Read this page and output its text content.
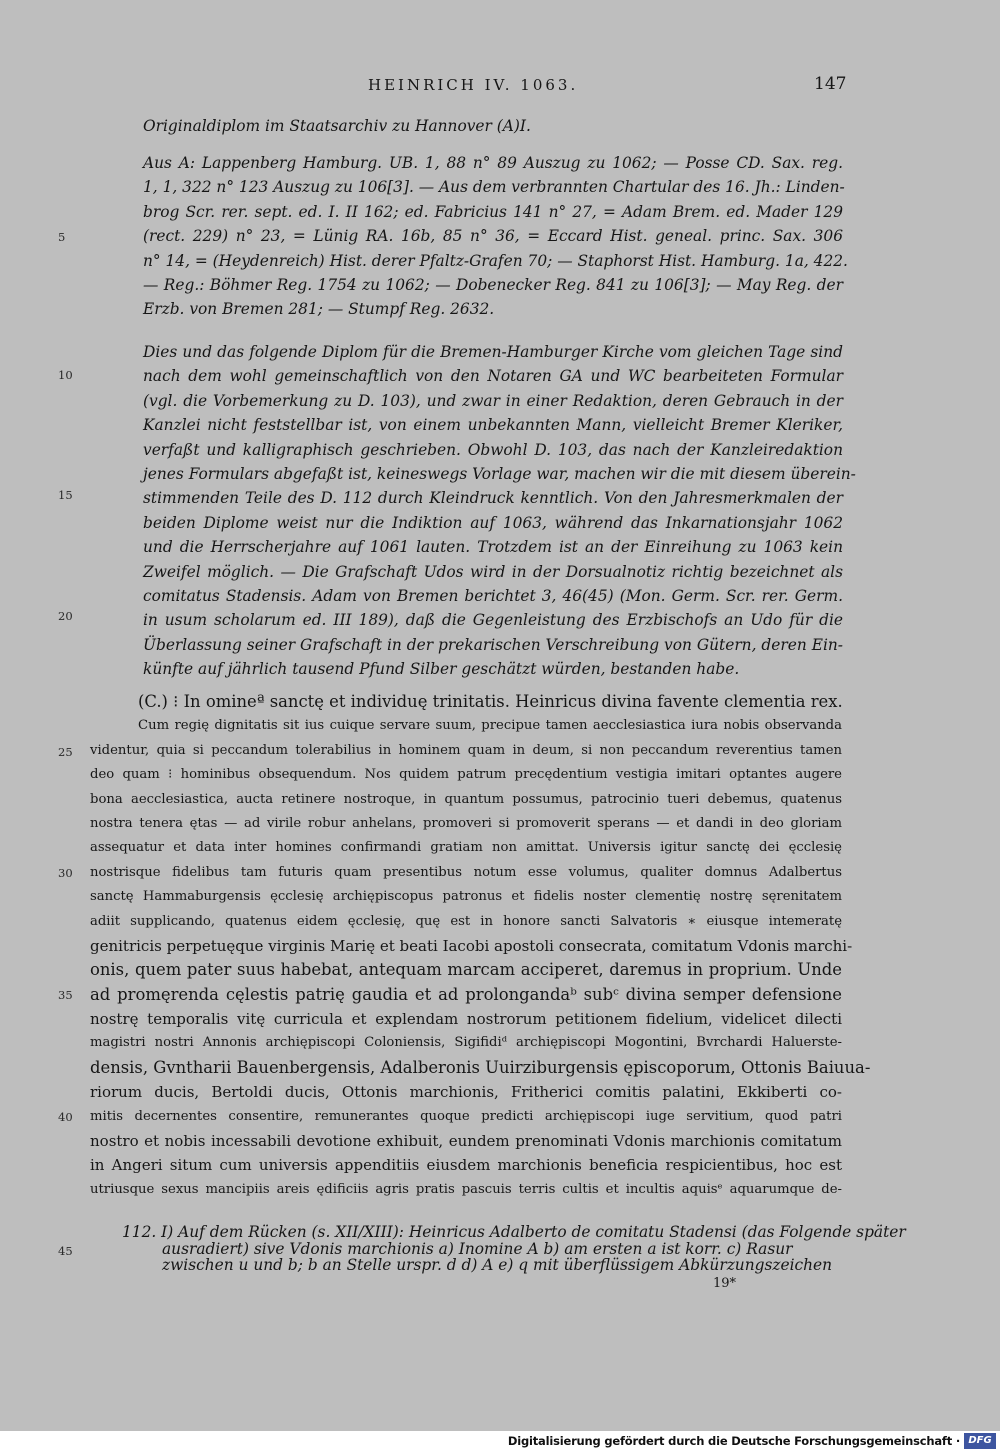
HEINRICH IV. 1063.	147
Originaldiplom im Staatsarchiv zu Hannover (A)I.
Aus A: Lappenberg Hamburg. UB. 1, 88 n° 89 Auszug zu 1062; — Posse CD. Sax. reg.
1, 1, 322 n° 123 Auszug zu 106[3]. — Aus dem verbrannten Chartular des 16. Jh.: Linden-
brog Scr. rer. sept. ed. I. II 162; ed. Fabricius 141 n° 27, = Adam Brem. ed. Mader 129
(rect. 229) n° 23, = Lünig RA. 16b, 85 n° 36, = Eccard Hist. geneal. princ. Sax. 306
n° 14, = (Heydenreich) Hist. derer Pfaltz-Grafen 70; — Staphorst Hist. Hamburg. 1a, 422.
— Reg.: Böhmer Reg. 1754 zu 1062; — Dobenecker Reg. 841 zu 106[3]; — May Reg. der
Erzb. von Bremen 281; — Stumpf Reg. 2632.
Dies und das folgende Diplom für die Bremen-Hamburger Kirche vom gleichen Tage sind
nach dem wohl gemeinschaftlich von den Notaren GA und WC bearbeiteten Formular
(vgl. die Vorbemerkung zu D. 103), und zwar in einer Redaktion, deren Gebrauch in der
Kanzlei nicht feststellbar ist, von einem unbekannten Mann, vielleicht Bremer Kleriker,
verfaßt und kalligraphisch geschrieben. Obwohl D. 103, das nach der Kanzleiredaktion
jenes Formulars abgefaßt ist, keineswegs Vorlage war, machen wir die mit diesem überein-
stimmenden Teile des D. 112 durch Kleindruck kenntlich. Von den Jahresmerkmalen der
beiden Diplome weist nur die Indiktion auf 1063, während das Inkarnationsjahr 1062
und die Herrscherjahre auf 1061 lauten. Trotzdem ist an der Einreihung zu 1063 kein
Zweifel möglich. — Die Grafschaft Udos wird in der Dorsualnotiz richtig bezeichnet als
comitatus Stadensis. Adam von Bremen berichtet 3, 46(45) (Mon. Germ. Scr. rer. Germ.
in usum scholarum ed. III 189), daß die Gegenleistung des Erzbischofs an Udo für die
Überlassung seiner Grafschaft in der prekarischen Verschreibung von Gütern, deren Ein-
künfte auf jährlich tausend Pfund Silber geschätzt würden, bestanden habe.
(C.) ⁝ In omineª sanctę et individuę trinitatis. Heinricus divina favente clementia rex.
Cum regię dignitatis sit ius cuique servare suum, precipue tamen aecclesiastica iura nobis observanda
videntur, quia si peccandum tolerabilius in hominem quam in deum, si non peccandum reverentius tamen
deo quam ⁝ hominibus obsequendum. Nos quidem patrum precędentium vestigia imitari optantes augere
bona aecclesiastica, aucta retinere nostroque, in quantum possumus, patrocinio tueri debemus, quatenus
nostra tenera ętas — ad virile robur anhelans, promoveri si promoverit sperans — et dandi in deo gloriam
assequatur et data inter homines confirmandi gratiam non amittat. Universis igitur sanctę dei ęcclesię
nostrisque fidelibus tam futuris quam presentibus notum esse volumus, qualiter domnus Adalbertus
sanctę Hammaburgensis ęcclesię archiępiscopus patronus et fidelis noster clementię nostrę sęrenitatem
adiit supplicando, quatenus eidem ęcclesię, quę est in honore sancti Salvatoris ∗ eiusque intemeratę
genitricis perpetuęque virginis Marię et beati Iacobi apostoli consecrata, comitatum Vdonis marchi-
onis, quem pater suus habebat, antequam marcam acciperet, daremus in proprium. Unde
ad promęrenda cęlestis patrię gaudia et ad prolongandaᵇ subᶜ divina semper defensione
nostrę temporalis vitę curricula et explendam nostrorum petitionem fidelium, videlicet dilecti
magistri nostri Annonis archiępiscopi Coloniensis, Sigifidiᵈ archiępiscopi Mogontini, Bvrchardi Haluerste-
densis, Gvntharii Bauenbergensis, Adalberonis Uuirziburgensis ępiscoporum, Ottonis Baiuua-
riorum ducis, Bertoldi ducis, Ottonis marchionis, Fritherici comitis palatini, Ekkiberti co-
mitis decernentes consentire, remunerantes quoque predicti archiępiscopi iuge servitium, quod patri
nostro et nobis incessabili devotione exhibuit, eundem prenominati Vdonis marchionis comitatum
in Angeri situm cum universis appenditiis eiusdem marchionis beneficia respicientibus, hoc est
utriusque sexus mancipiis areis ędificiis agris pratis pascuis terris cultis et incultis aquisᵉ aquarumque de-
5
10
15
20
25
30
35
40
45
112. I) Auf dem Rücken (s. XII/XIII): Heinricus Adalberto de comitatu Stadensi (das Folgende später
ausradiert) sive Vdonis marchionis a) Inomine A b) am ersten a ist korr. c) Rasur
zwischen u und b; b an Stelle urspr. d d) A e) q mit überflüssigem Abkürzungszeichen
19*
Digitalisierung gefördert durch die Deutsche Forschungsgemeinschaft · DFG
